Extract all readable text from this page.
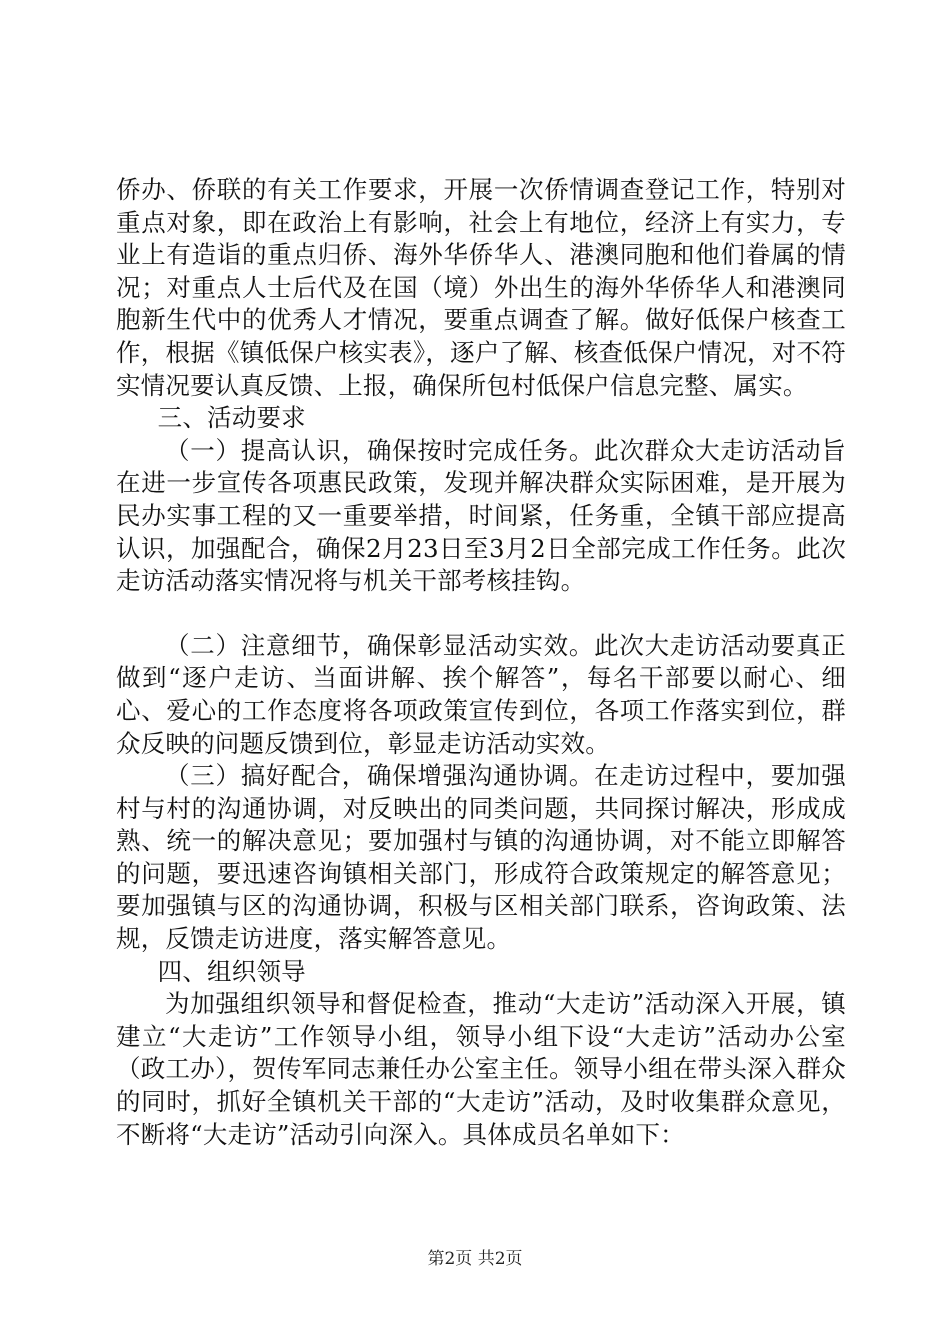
侨办、侨联的有关工作要求，开展一次侨情调查登记工作，特别对重点对象，即在政治上有影响，社会上有地位，经济上有实力，专业上有造诣的重点归侨、海外华侨华人、港澳同胞和他们眷属的情况；对重点人士后代及在国（境）外出生的海外华侨华人和港澳同胞新生代中的优秀人才情况，要重点调查了解。做好低保户核查工作，根据《镇低保户核实表》，逐户了解、核查低保户情况，对不符实情况要认真反馈、上报，确保所包村低保户信息完整、属实。

三、活动要求

（一）提高认识，确保按时完成任务。此次群众大走访活动旨在进一步宣传各项惠民政策，发现并解决群众实际困难，是开展为民办实事工程的又一重要举措，时间紧，任务重，全镇干部应提高认识，加强配合，确保2月23日至3月2日全部完成工作任务。此次走访活动落实情况将与机关干部考核挂钩。

（二）注意细节，确保彰显活动实效。此次大走访活动要真正做到“逐户走访、当面讲解、挨个解答”，每名干部要以耐心、细心、爱心的工作态度将各项政策宣传到位，各项工作落实到位，群众反映的问题反馈到位，彰显走访活动实效。

（三）搞好配合，确保增强沟通协调。在走访过程中，要加强村与村的沟通协调，对反映出的同类问题，共同探讨解决，形成成熟、统一的解决意见；要加强村与镇的沟通协调，对不能立即解答的问题，要迅速咨询镇相关部门，形成符合政策规定的解答意见；要加强镇与区的沟通协调，积极与区相关部门联系，咨询政策、法规，反馈走访进度，落实解答意见。

四、组织领导

为加强组织领导和督促检查，推动“大走访”活动深入开展，镇建立“大走访”工作领导小组，领导小组下设“大走访”活动办公室（政工办），贺传军同志兼任办公室主任。领导小组在带头深入群众的同时，抓好全镇机关干部的“大走访”活动，及时收集群众意见，不断将“大走访”活动引向深入。具体成员名单如下：

第2页 共2页
